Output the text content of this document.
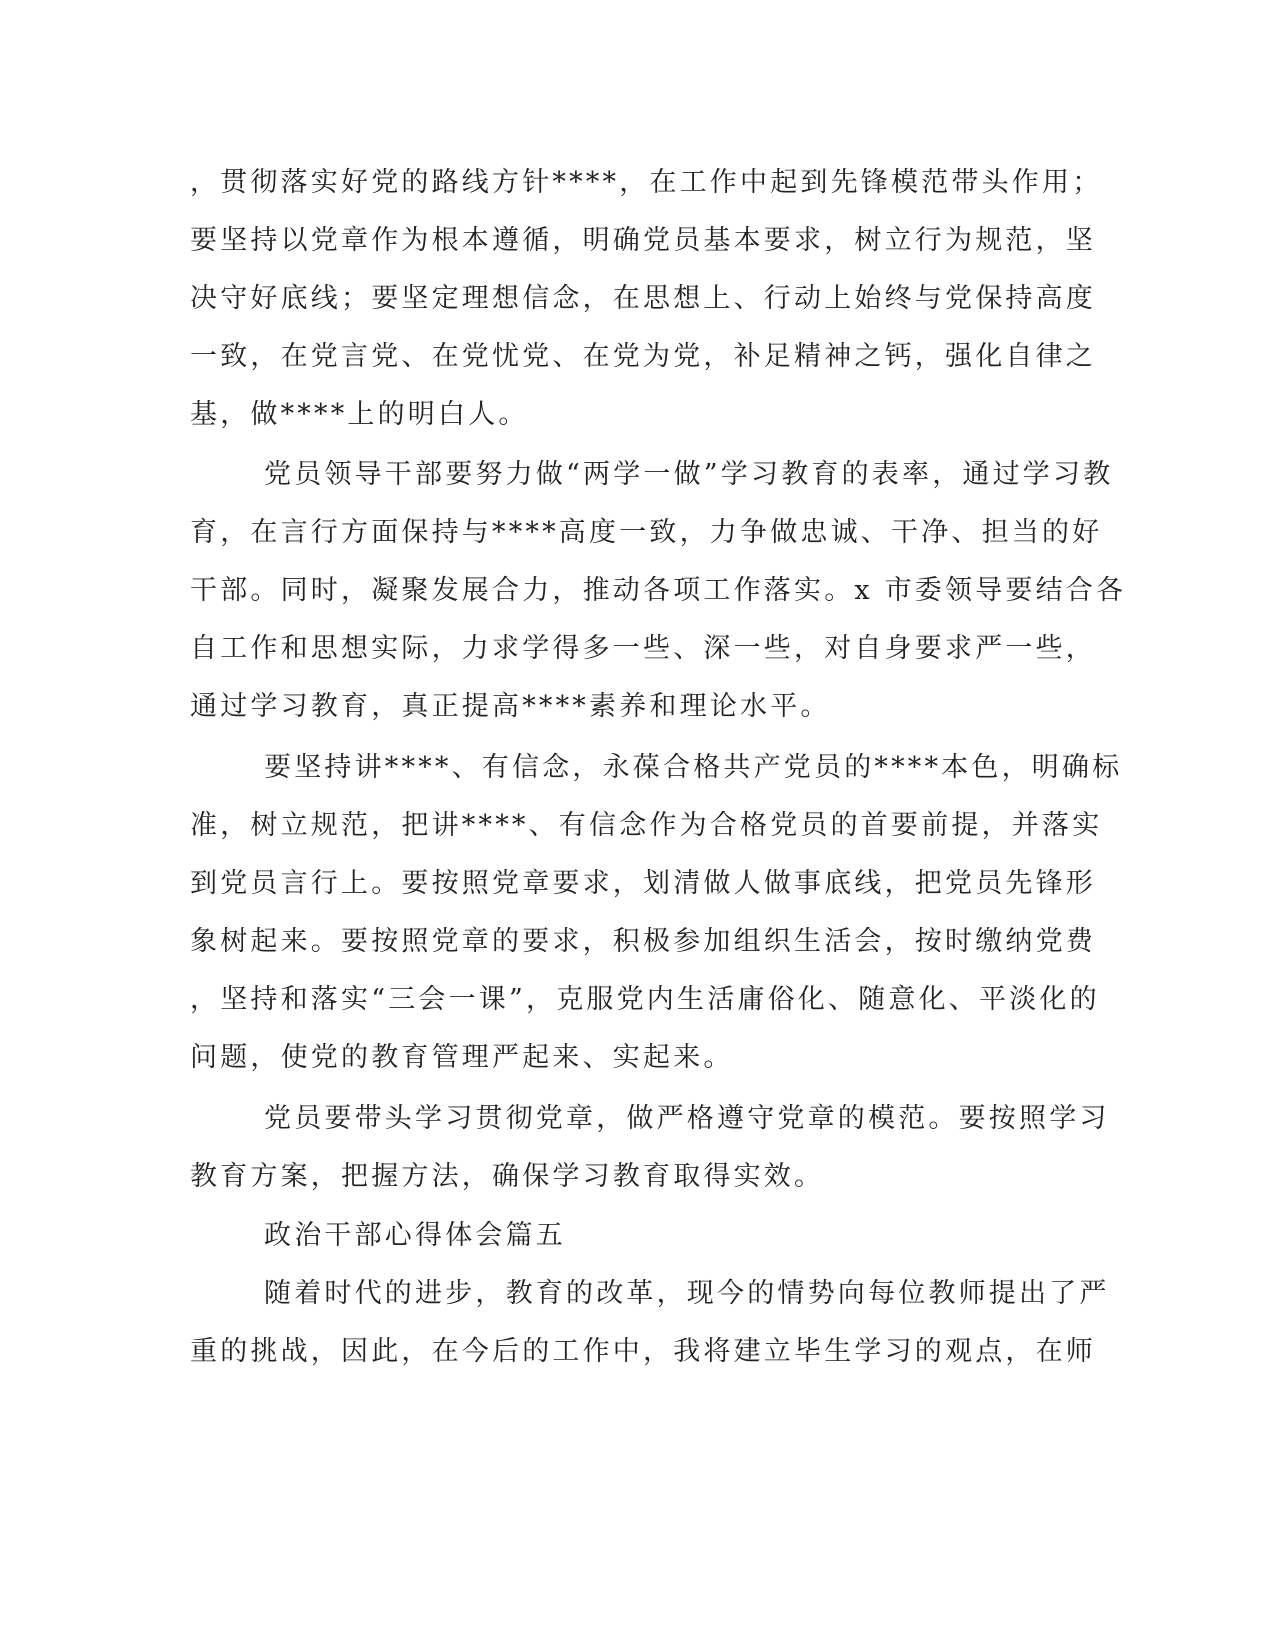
，贯彻落实好党的路线方针****，在工作中起到先锋模范带头作用；
要坚持以党章作为根本遵循，明确党员基本要求，树立行为规范，坚
决守好底线；要坚定理想信念，在思想上、行动上始终与党保持高度
一致，在党言党、在党忧党、在党为党，补足精神之钙，强化自律之
基，做****上的明白人。
党员领导干部要努力做“两学一做”学习教育的表率，通过学习教
育，在言行方面保持与****高度一致，力争做忠诚、干净、担当的好
干部。同时，凝聚发展合力，推动各项工作落实。x 市委领导要结合各
自工作和思想实际，力求学得多一些、深一些，对自身要求严一些，
通过学习教育，真正提高****素养和理论水平。
要坚持讲****、有信念，永葆合格共产党员的****本色，明确标
准，树立规范，把讲****、有信念作为合格党员的首要前提，并落实
到党员言行上。要按照党章要求，划清做人做事底线，把党员先锋形
象树起来。要按照党章的要求，积极参加组织生活会，按时缴纳党费
，坚持和落实“三会一课”，克服党内生活庸俗化、随意化、平淡化的
问题，使党的教育管理严起来、实起来。
党员要带头学习贯彻党章，做严格遵守党章的模范。要按照学习
教育方案，把握方法，确保学习教育取得实效。
政治干部心得体会篇五
随着时代的进步，教育的改革，现今的情势向每位教师提出了严
重的挑战，因此，在今后的工作中，我将建立毕生学习的观点，在师
